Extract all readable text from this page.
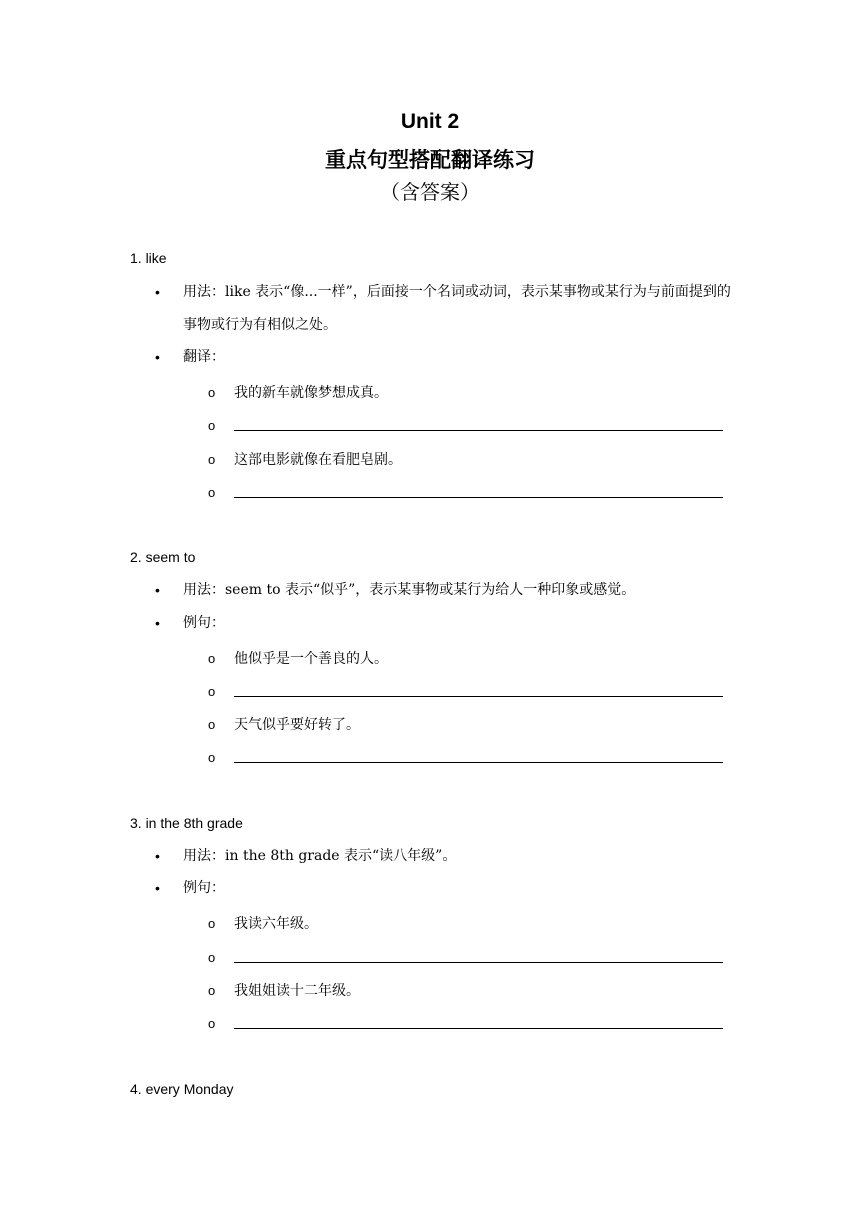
Unit 2
重点句型搭配翻译练习
（含答案）
1. like
• 用法：like 表示“像...一样”，后面接一个名词或动词，表示某事物或某行为与前面提到的事物或行为有相似之处。
• 翻译：
o 我的新车就像梦想成真。
o
o 这部电影就像在看肥皂剧。
o
2. seem to
• 用法：seem to 表示“似乎”，表示某事物或某行为给人一种印象或感觉。
• 例句：
o 他似乎是一个善良的人。
o
o 天气似乎要好转了。
o
3. in the 8th grade
• 用法：in the 8th grade 表示“读八年级”。
• 例句：
o 我读六年级。
o
o 我姐姐读十二年级。
o
4. every Monday
